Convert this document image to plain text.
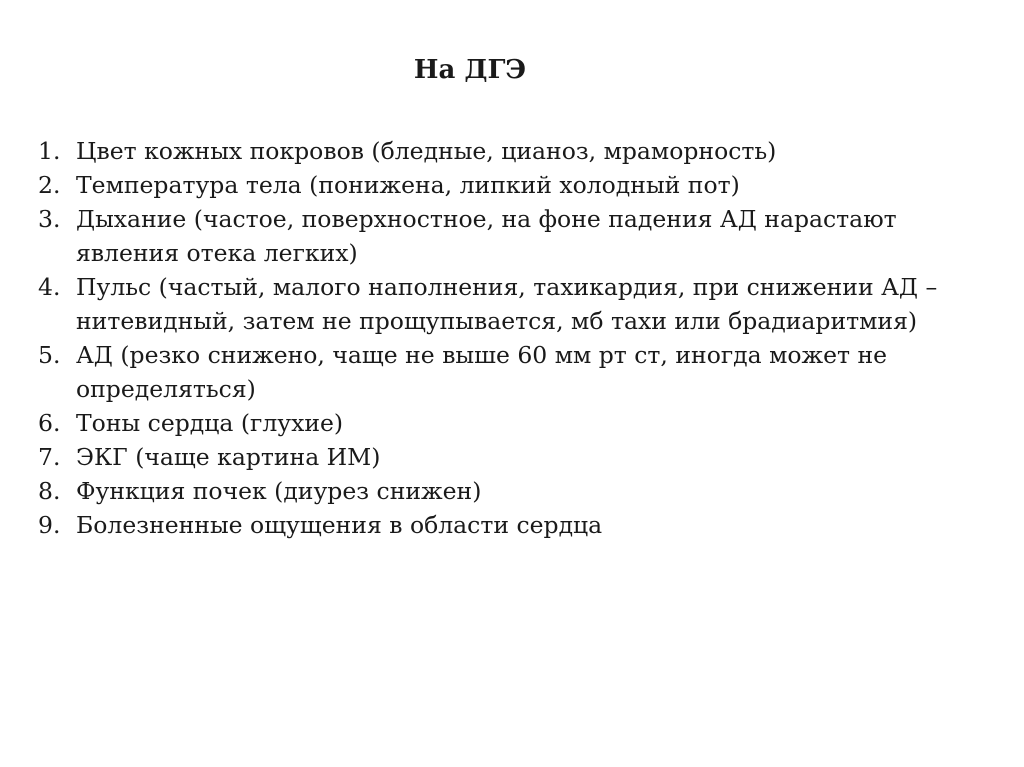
На ДГЭ
1. Цвет кожных покровов (бледные, цианоз, мраморность)
2. Температура тела (понижена, липкий холодный пот)
3. Дыхание (частое, поверхностное, на фоне падения АД нарастают явления отека легких)
4. Пульс (частый, малого наполнения, тахикардия, при снижении АД – нитевидный, затем не прощупывается, мб тахи или брадиаритмия)
5. АД (резко снижено, чаще не выше 60 мм рт ст, иногда может не определяться)
6. Тоны сердца (глухие)
7. ЭКГ (чаще картина ИМ)
8. Функция почек (диурез снижен)
9. Болезненные ощущения в области сердца
